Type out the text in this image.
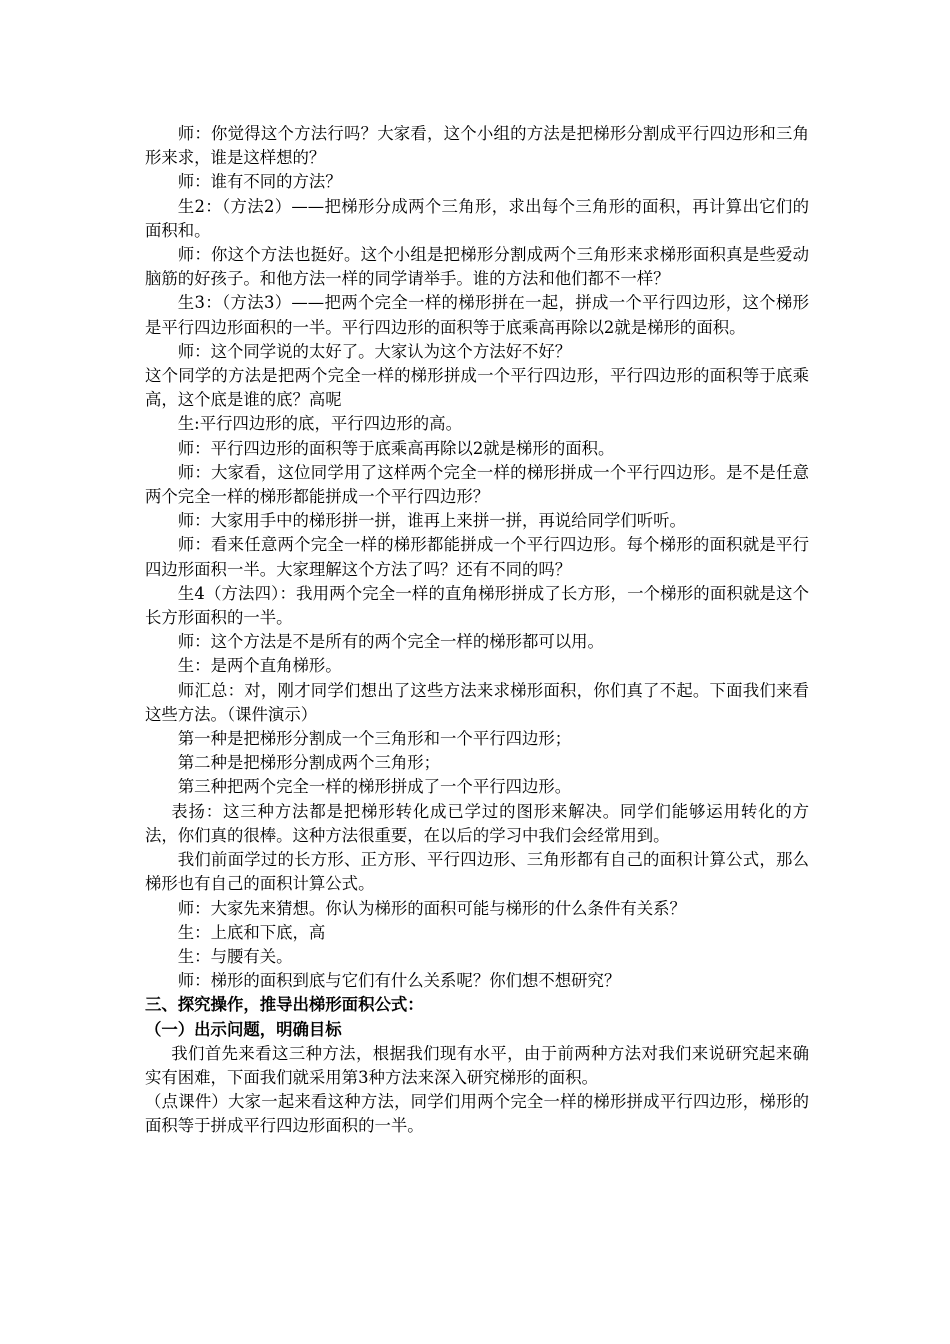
师：你觉得这个方法行吗？大家看，这个小组的方法是把梯形分割成平行四边形和三角形来求，谁是这样想的？

师：谁有不同的方法？

生2：（方法2）——把梯形分成两个三角形，求出每个三角形的面积，再计算出它们的面积和。

师：你这个方法也挺好。这个小组是把梯形分割成两个三角形来求梯形面积真是些爱动脑筋的好孩子。和他方法一样的同学请举手。谁的方法和他们都不一样？

生3：（方法3）——把两个完全一样的梯形拼在一起，拼成一个平行四边形，这个梯形是平行四边形面积的一半。平行四边形的面积等于底乘高再除以2就是梯形的面积。

师：这个同学说的太好了。大家认为这个方法好不好？

这个同学的方法是把两个完全一样的梯形拼成一个平行四边形，平行四边形的面积等于底乘高，这个底是谁的底？高呢

生:平行四边形的底，平行四边形的高。

师：平行四边形的面积等于底乘高再除以2就是梯形的面积。

师：大家看，这位同学用了这样两个完全一样的梯形拼成一个平行四边形。是不是任意两个完全一样的梯形都能拼成一个平行四边形？

师：大家用手中的梯形拼一拼，谁再上来拼一拼，再说给同学们听听。

师：看来任意两个完全一样的梯形都能拼成一个平行四边形。每个梯形的面积就是平行四边形面积一半。大家理解这个方法了吗？还有不同的吗？

生4（方法四）：我用两个完全一样的直角梯形拼成了长方形，一个梯形的面积就是这个长方形面积的一半。

师：这个方法是不是所有的两个完全一样的梯形都可以用。

生：是两个直角梯形。

师汇总：对，刚才同学们想出了这些方法来求梯形面积，你们真了不起。下面我们来看这些方法。（课件演示）

第一种是把梯形分割成一个三角形和一个平行四边形；

第二种是把梯形分割成两个三角形；

第三种把两个完全一样的梯形拼成了一个平行四边形。

表扬：这三种方法都是把梯形转化成已学过的图形来解决。同学们能够运用转化的方法，你们真的很棒。这种方法很重要，在以后的学习中我们会经常用到。

我们前面学过的长方形、正方形、平行四边形、三角形都有自己的面积计算公式，那么梯形也有自己的面积计算公式。

师：大家先来猜想。你认为梯形的面积可能与梯形的什么条件有关系？

生：上底和下底，高

生：与腰有关。

师：梯形的面积到底与它们有什么关系呢？你们想不想研究？

三、探究操作，推导出梯形面积公式：

（一）出示问题，明确目标

我们首先来看这三种方法，根据我们现有水平，由于前两种方法对我们来说研究起来确实有困难，下面我们就采用第3种方法来深入研究梯形的面积。

（点课件）大家一起来看这种方法，同学们用两个完全一样的梯形拼成平行四边形，梯形的面积等于拼成平行四边形面积的一半。
